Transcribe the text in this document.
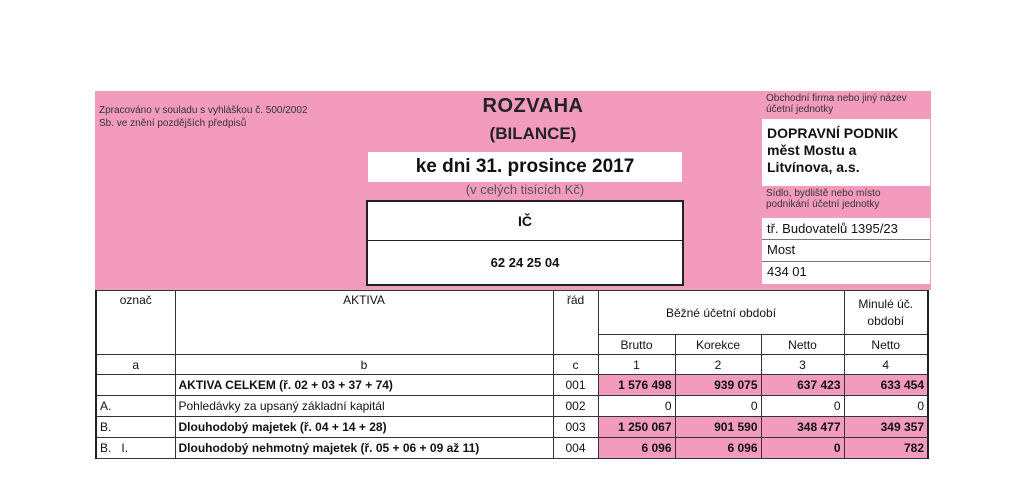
Zpracováno v souladu s vyhláškou č. 500/2002
Sb. ve znění pozdějších předpisů
ROZVAHA
(BILANCE)
ke dni 31. prosince 2017
(v celých tisících Kč)
IČ
62 24 25 04
Obchodní firma nebo jiný název účetní jednotky
DOPRAVNÍ PODNIK
měst Mostu a
Litvínova, a.s.
Sídlo, bydliště nebo místo podnikání účetní jednotky
tř. Budovatelů 1395/23
Most
434 01
označ	AKTIVA	řád	Běžné účetní období			Minulé úč.
období

			Brutto	Korekce	Netto	Netto
a	b	c	1	2	3	4
	AKTIVA CELKEM (ř. 02 + 03 + 37 + 74)	001	1 576 498	939 075	637 423	633 454
A.	Pohledávky za upsaný základní kapitál	002	0	0	0	0
B.	Dlouhodobý majetek (ř. 04 + 14 + 28)	003	1 250 067	901 590	348 477	349 357
B. I.	Dlouhodobý nehmotný majetek (ř. 05 + 06 + 09 až 11)	004	6 096	6 096	0	782
